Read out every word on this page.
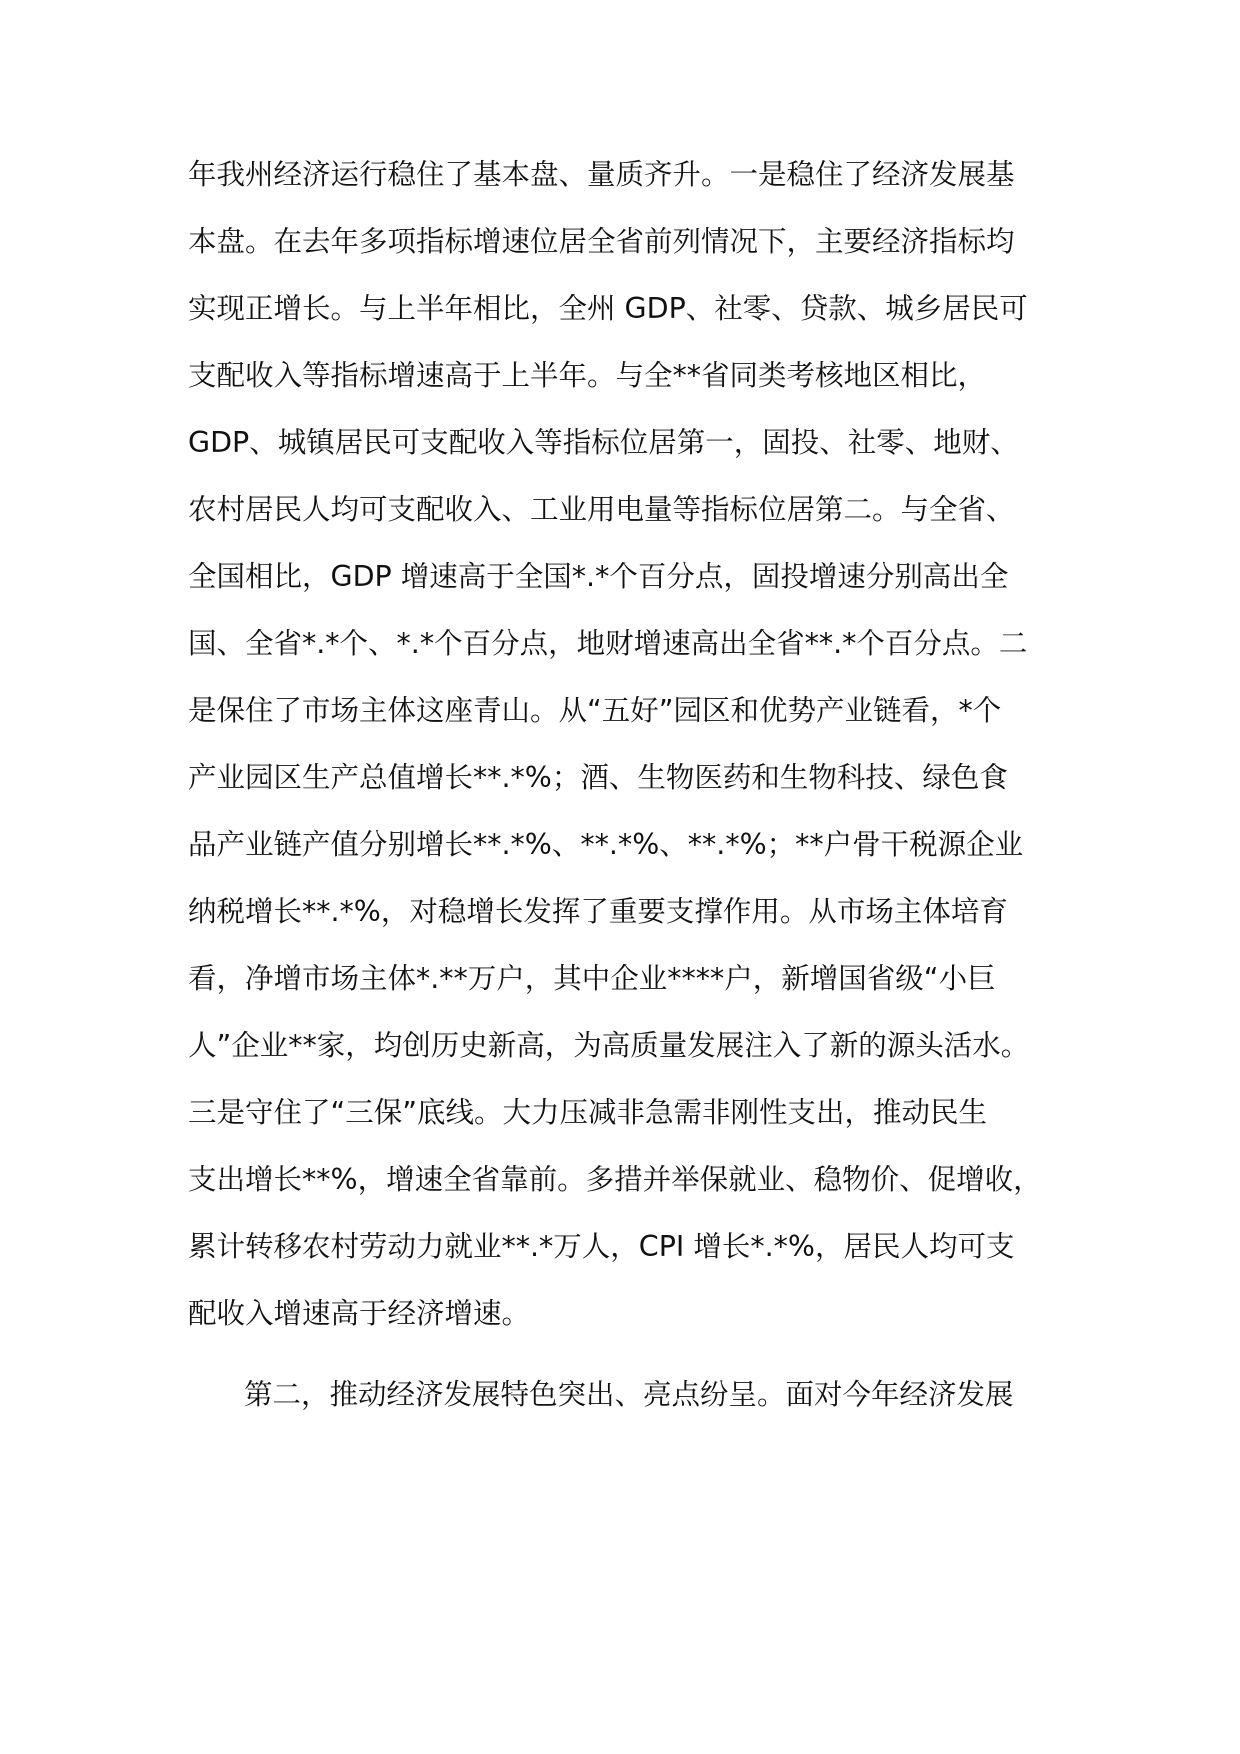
年我州经济运行稳住了基本盘、量质齐升。一是稳住了经济发展基

本盘。在去年多项指标增速位居全省前列情况下，主要经济指标均

实现正增长。与上半年相比，全州 GDP、社零、贷款、城乡居民可

支配收入等指标增速高于上半年。与全**省同类考核地区相比，

GDP、城镇居民可支配收入等指标位居第一，固投、社零、地财、

农村居民人均可支配收入、工业用电量等指标位居第二。与全省、

全国相比，GDP 增速高于全国*.*个百分点，固投增速分别高出全

国、全省*.*个、*.*个百分点，地财增速高出全省**.*个百分点。二

是保住了市场主体这座青山。从“五好”园区和优势产业链看，*个

产业园区生产总值增长**.*%；酒、生物医药和生物科技、绿色食

品产业链产值分别增长**.*%、**.*%、**.*%；**户骨干税源企业

纳税增长**.*%，对稳增长发挥了重要支撑作用。从市场主体培育

看，净增市场主体*.**万户，其中企业****户，新增国省级“小巨

人”企业**家，均创历史新高，为高质量发展注入了新的源头活水。

三是守住了“三保”底线。大力压减非急需非刚性支出，推动民生

支出增长**%，增速全省靠前。多措并举保就业、稳物价、促增收，

累计转移农村劳动力就业**.*万人，CPI 增长*.*%，居民人均可支

配收入增速高于经济增速。

第二，推动经济发展特色突出、亮点纷呈。面对今年经济发展
